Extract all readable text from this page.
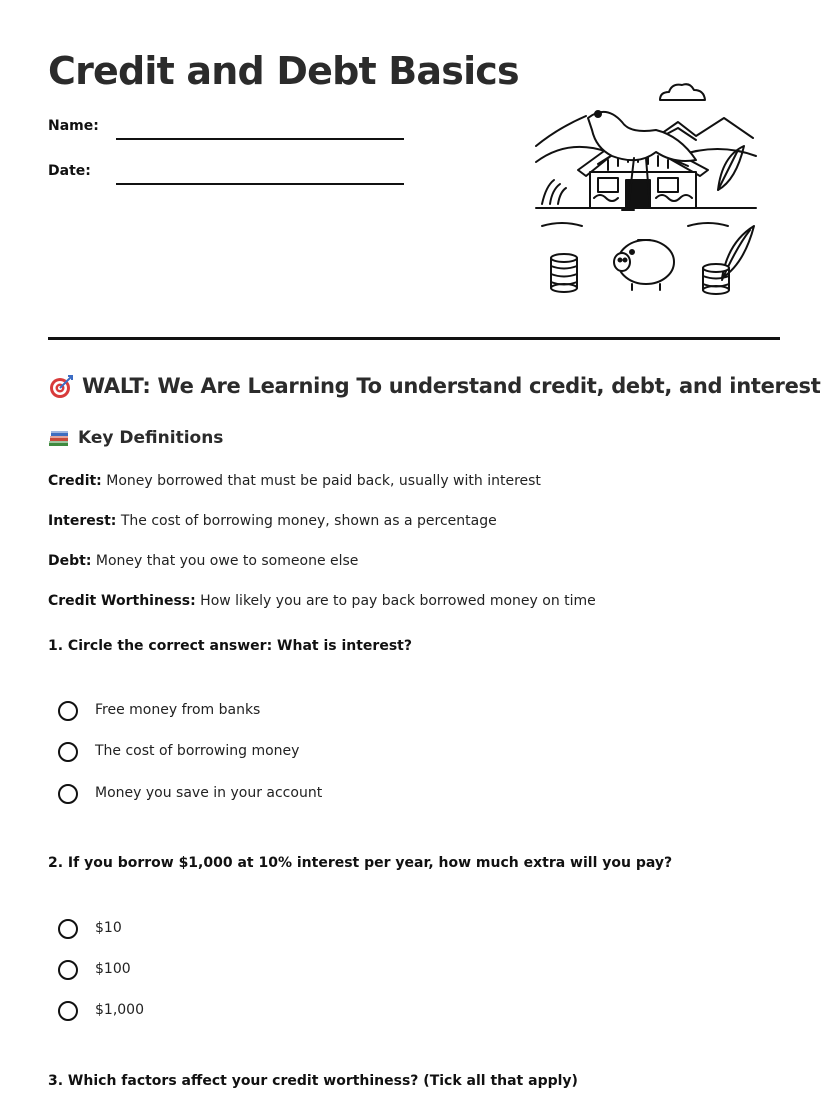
Credit and Debt Basics
Name:
Date:
WALT: We Are Learning To understand credit, debt, and interest
Key Definitions
Credit: Money borrowed that must be paid back, usually with interest
Interest: The cost of borrowing money, shown as a percentage
Debt: Money that you owe to someone else
Credit Worthiness: How likely you are to pay back borrowed money on time
1. Circle the correct answer: What is interest?
Free money from banks
The cost of borrowing money
Money you save in your account
2. If you borrow $1,000 at 10% interest per year, how much extra will you pay?
$10
$100
$1,000
3. Which factors affect your credit worthiness? (Tick all that apply)
